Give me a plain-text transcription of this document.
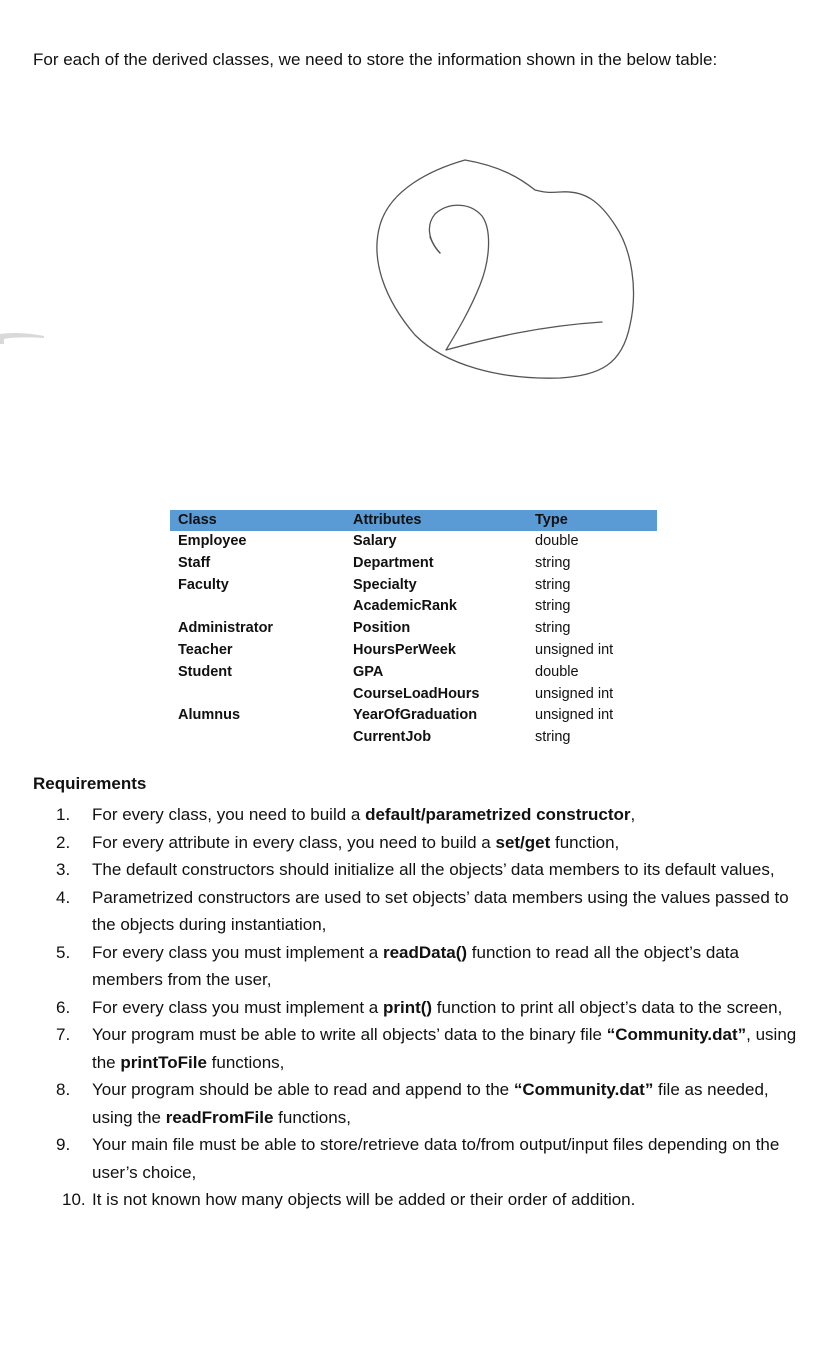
For each of the derived classes, we need to store the information shown in the below table:
Class	Attributes	Type
Employee	Salary	double
Staff	Department	string
Faculty	Specialty	string
	AcademicRank	string
Administrator	Position	string
Teacher	HoursPerWeek	unsigned int
Student	GPA	double
	CourseLoadHours	unsigned int
Alumnus	YearOfGraduation	unsigned int
	CurrentJob	string
Requirements
1. For every class, you need to build a default/parametrized constructor,
2. For every attribute in every class, you need to build a set/get function,
3. The default constructors should initialize all the objects’ data members to its default values,
4. Parametrized constructors are used to set objects’ data members using the values passed to the objects during instantiation,
5. For every class you must implement a readData() function to read all the object’s data members from the user,
6. For every class you must implement a print() function to print all object’s data to the screen,
7. Your program must be able to write all objects’ data to the binary file “Community.dat”, using the printToFile functions,
8. Your program should be able to read and append to the “Community.dat” file as needed, using the readFromFile functions,
9. Your main file must be able to store/retrieve data to/from output/input files depending on the user’s choice,
10. It is not known how many objects will be added or their order of addition.
